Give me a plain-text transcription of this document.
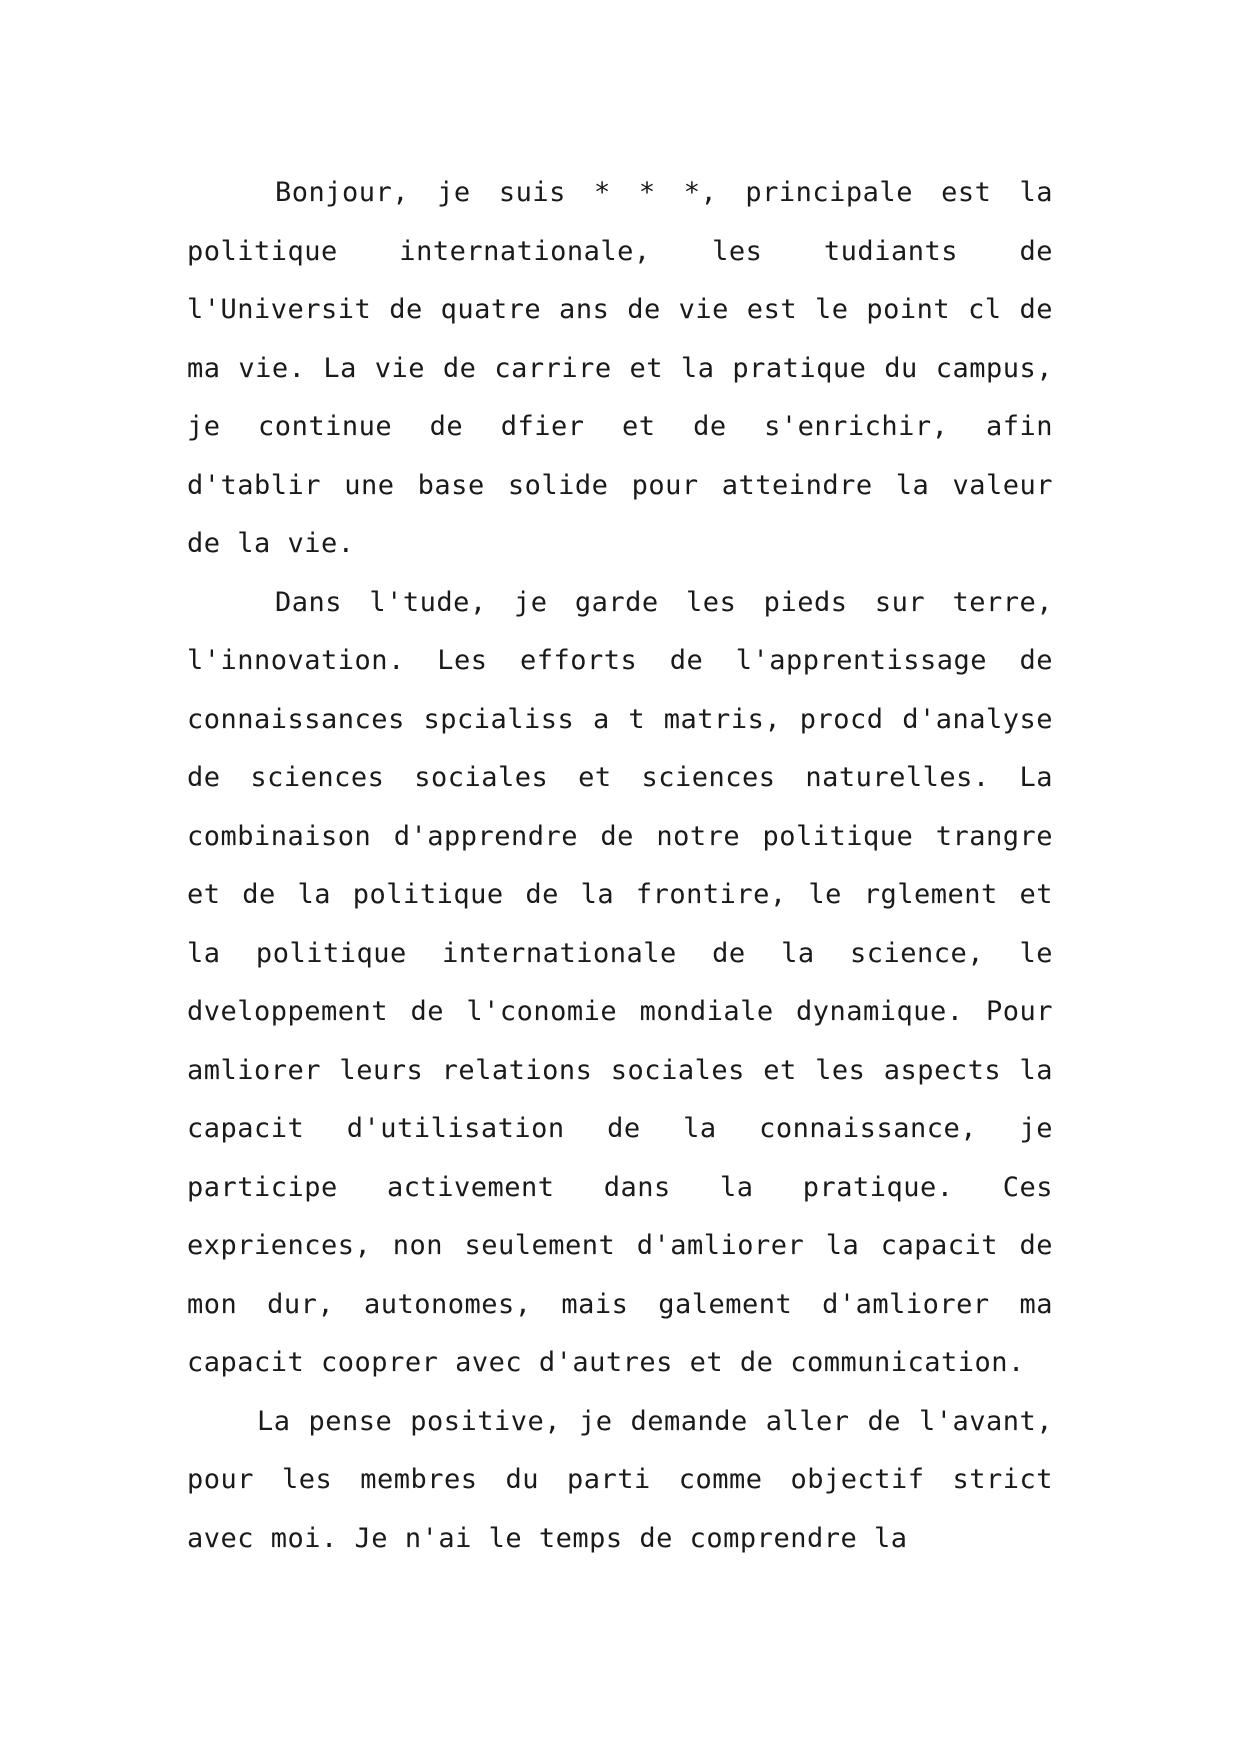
Bonjour, je suis * * *, principale est la politique internationale, les tudiants de l'Universit de quatre ans de vie est le point cl de ma vie. La vie de carrire et la pratique du campus, je continue de dfier et de s'enrichir, afin d'tablir une base solide pour atteindre la valeur de la vie.

Dans l'tude, je garde les pieds sur terre, l'innovation. Les efforts de l'apprentissage de connaissances spcialiss a t matris, procd d'analyse de sciences sociales et sciences naturelles. La combinaison d'apprendre de notre politique trangre et de la politique de la frontire, le rglement et la politique internationale de la science, le dveloppement de l'conomie mondiale dynamique. Pour amliorer leurs relations sociales et les aspects la capacit d'utilisation de la connaissance, je participe activement dans la pratique. Ces expriences, non seulement d'amliorer la capacit de mon dur, autonomes, mais galement d'amliorer ma capacit cooprer avec d'autres et de communication.

La pense positive, je demande aller de l'avant, pour les membres du parti comme objectif strict avec moi. Je n'ai le temps de comprendre la
